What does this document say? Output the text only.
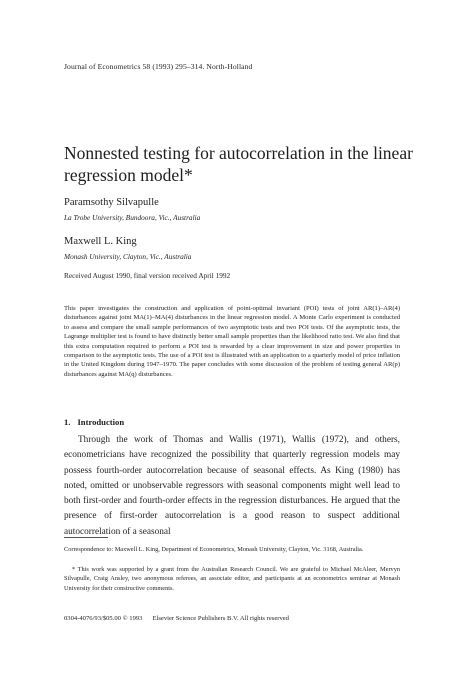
Journal of Econometrics 58 (1993) 295–314. North-Holland
Nonnested testing for autocorrelation in the linear regression model*
Paramsothy Silvapulle
La Trobe University, Bundoora, Vic., Australia
Maxwell L. King
Monash University, Clayton, Vic., Australia
Received August 1990, final version received April 1992
This paper investigates the construction and application of point-optimal invariant (POI) tests of joint AR(1)–AR(4) disturbances against joint MA(1)–MA(4) disturbances in the linear regression model. A Monte Carlo experiment is conducted to assess and compare the small sample performances of two asymptotic tests and two POI tests. Of the asymptotic tests, the Lagrange multiplier test is found to have distinctly better small sample properties than the likelihood ratio test. We also find that this extra computation required to perform a POI test is rewarded by a clear improvement in size and power properties in comparison to the asymptotic tests. The use of a POI test is illustrated with an application to a quarterly model of price inflation in the United Kingdom during 1947–1970. The paper concludes with some discussion of the problem of testing general AR(p) disturbances against MA(q) disturbances.
1. Introduction
Through the work of Thomas and Wallis (1971), Wallis (1972), and others, econometricians have recognized the possibility that quarterly regression models may possess fourth-order autocorrelation because of seasonal effects. As King (1980) has noted, omitted or unobservable regressors with seasonal components might well lead to both first-order and fourth-order effects in the regression disturbances. He argued that the presence of first-order autocorrelation is a good reason to suspect additional autocorrelation of a seasonal
Correspondence to: Maxwell L. King, Department of Econometrics, Monash University, Clayton, Vic. 3168, Australia.
* This work was supported by a grant from the Australian Research Council. We are grateful to Michael McAleer, Mervyn Silvapulle, Craig Ansley, two anonymous referees, an associate editor, and participants at an econometrics seminar at Monash University for their constructive comments.
0304-4076/93/$05.00 © 1993 Elsevier Science Publishers B.V. All rights reserved
